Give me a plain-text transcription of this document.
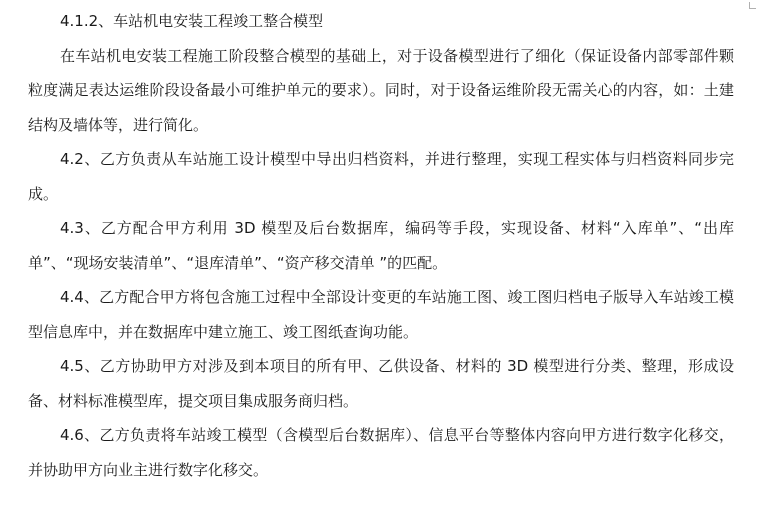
4.1.2、车站机电安装工程竣工整合模型

在车站机电安装工程施工阶段整合模型的基础上，对于设备模型进行了细化（保证设备内部零部件颗粒度满足表达运维阶段设备最小可维护单元的要求）。同时，对于设备运维阶段无需关心的内容，如：土建结构及墙体等，进行简化。

4.2、乙方负责从车站施工设计模型中导出归档资料，并进行整理，实现工程实体与归档资料同步完成。

4.3、乙方配合甲方利用 3D 模型及后台数据库，编码等手段，实现设备、材料“入库单”、“出库单”、“现场安装清单”、“退库清单”、“资产移交清单 ”的匹配。

4.4、乙方配合甲方将包含施工过程中全部设计变更的车站施工图、竣工图归档电子版导入车站竣工模型信息库中，并在数据库中建立施工、竣工图纸查询功能。

4.5、乙方协助甲方对涉及到本项目的所有甲、乙供设备、材料的 3D 模型进行分类、整理，形成设备、材料标准模型库，提交项目集成服务商归档。

4.6、乙方负责将车站竣工模型（含模型后台数据库）、信息平台等整体内容向甲方进行数字化移交，并协助甲方向业主进行数字化移交。
